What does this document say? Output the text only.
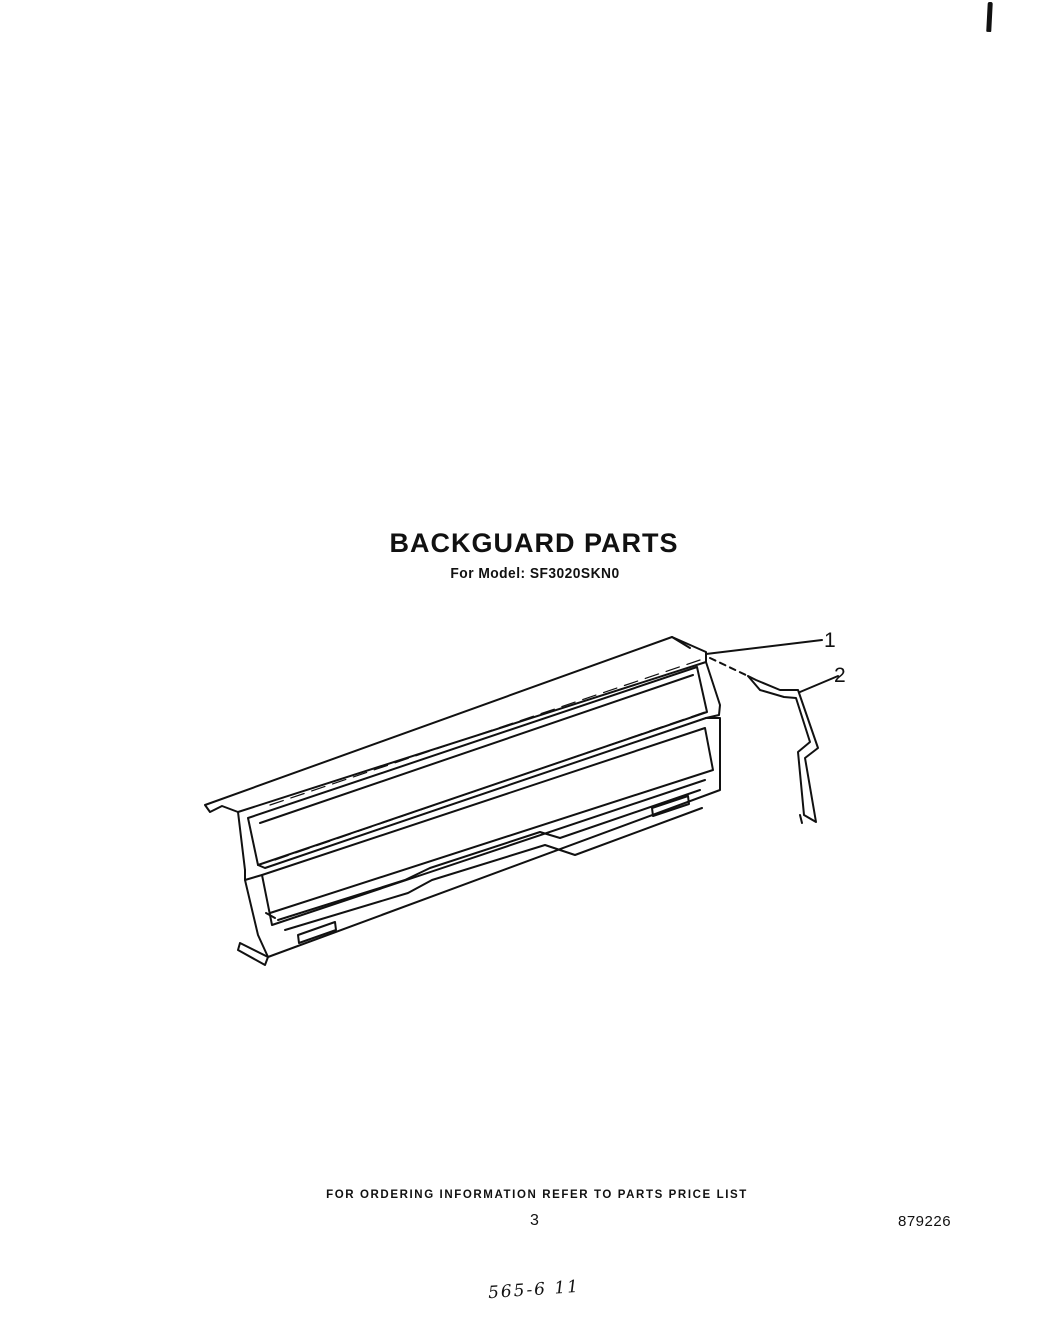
BACKGUARD PARTS
For Model: SF3020SKN0
1
2
FOR ORDERING INFORMATION REFER TO PARTS PRICE LIST
3	879226
565-6 11
